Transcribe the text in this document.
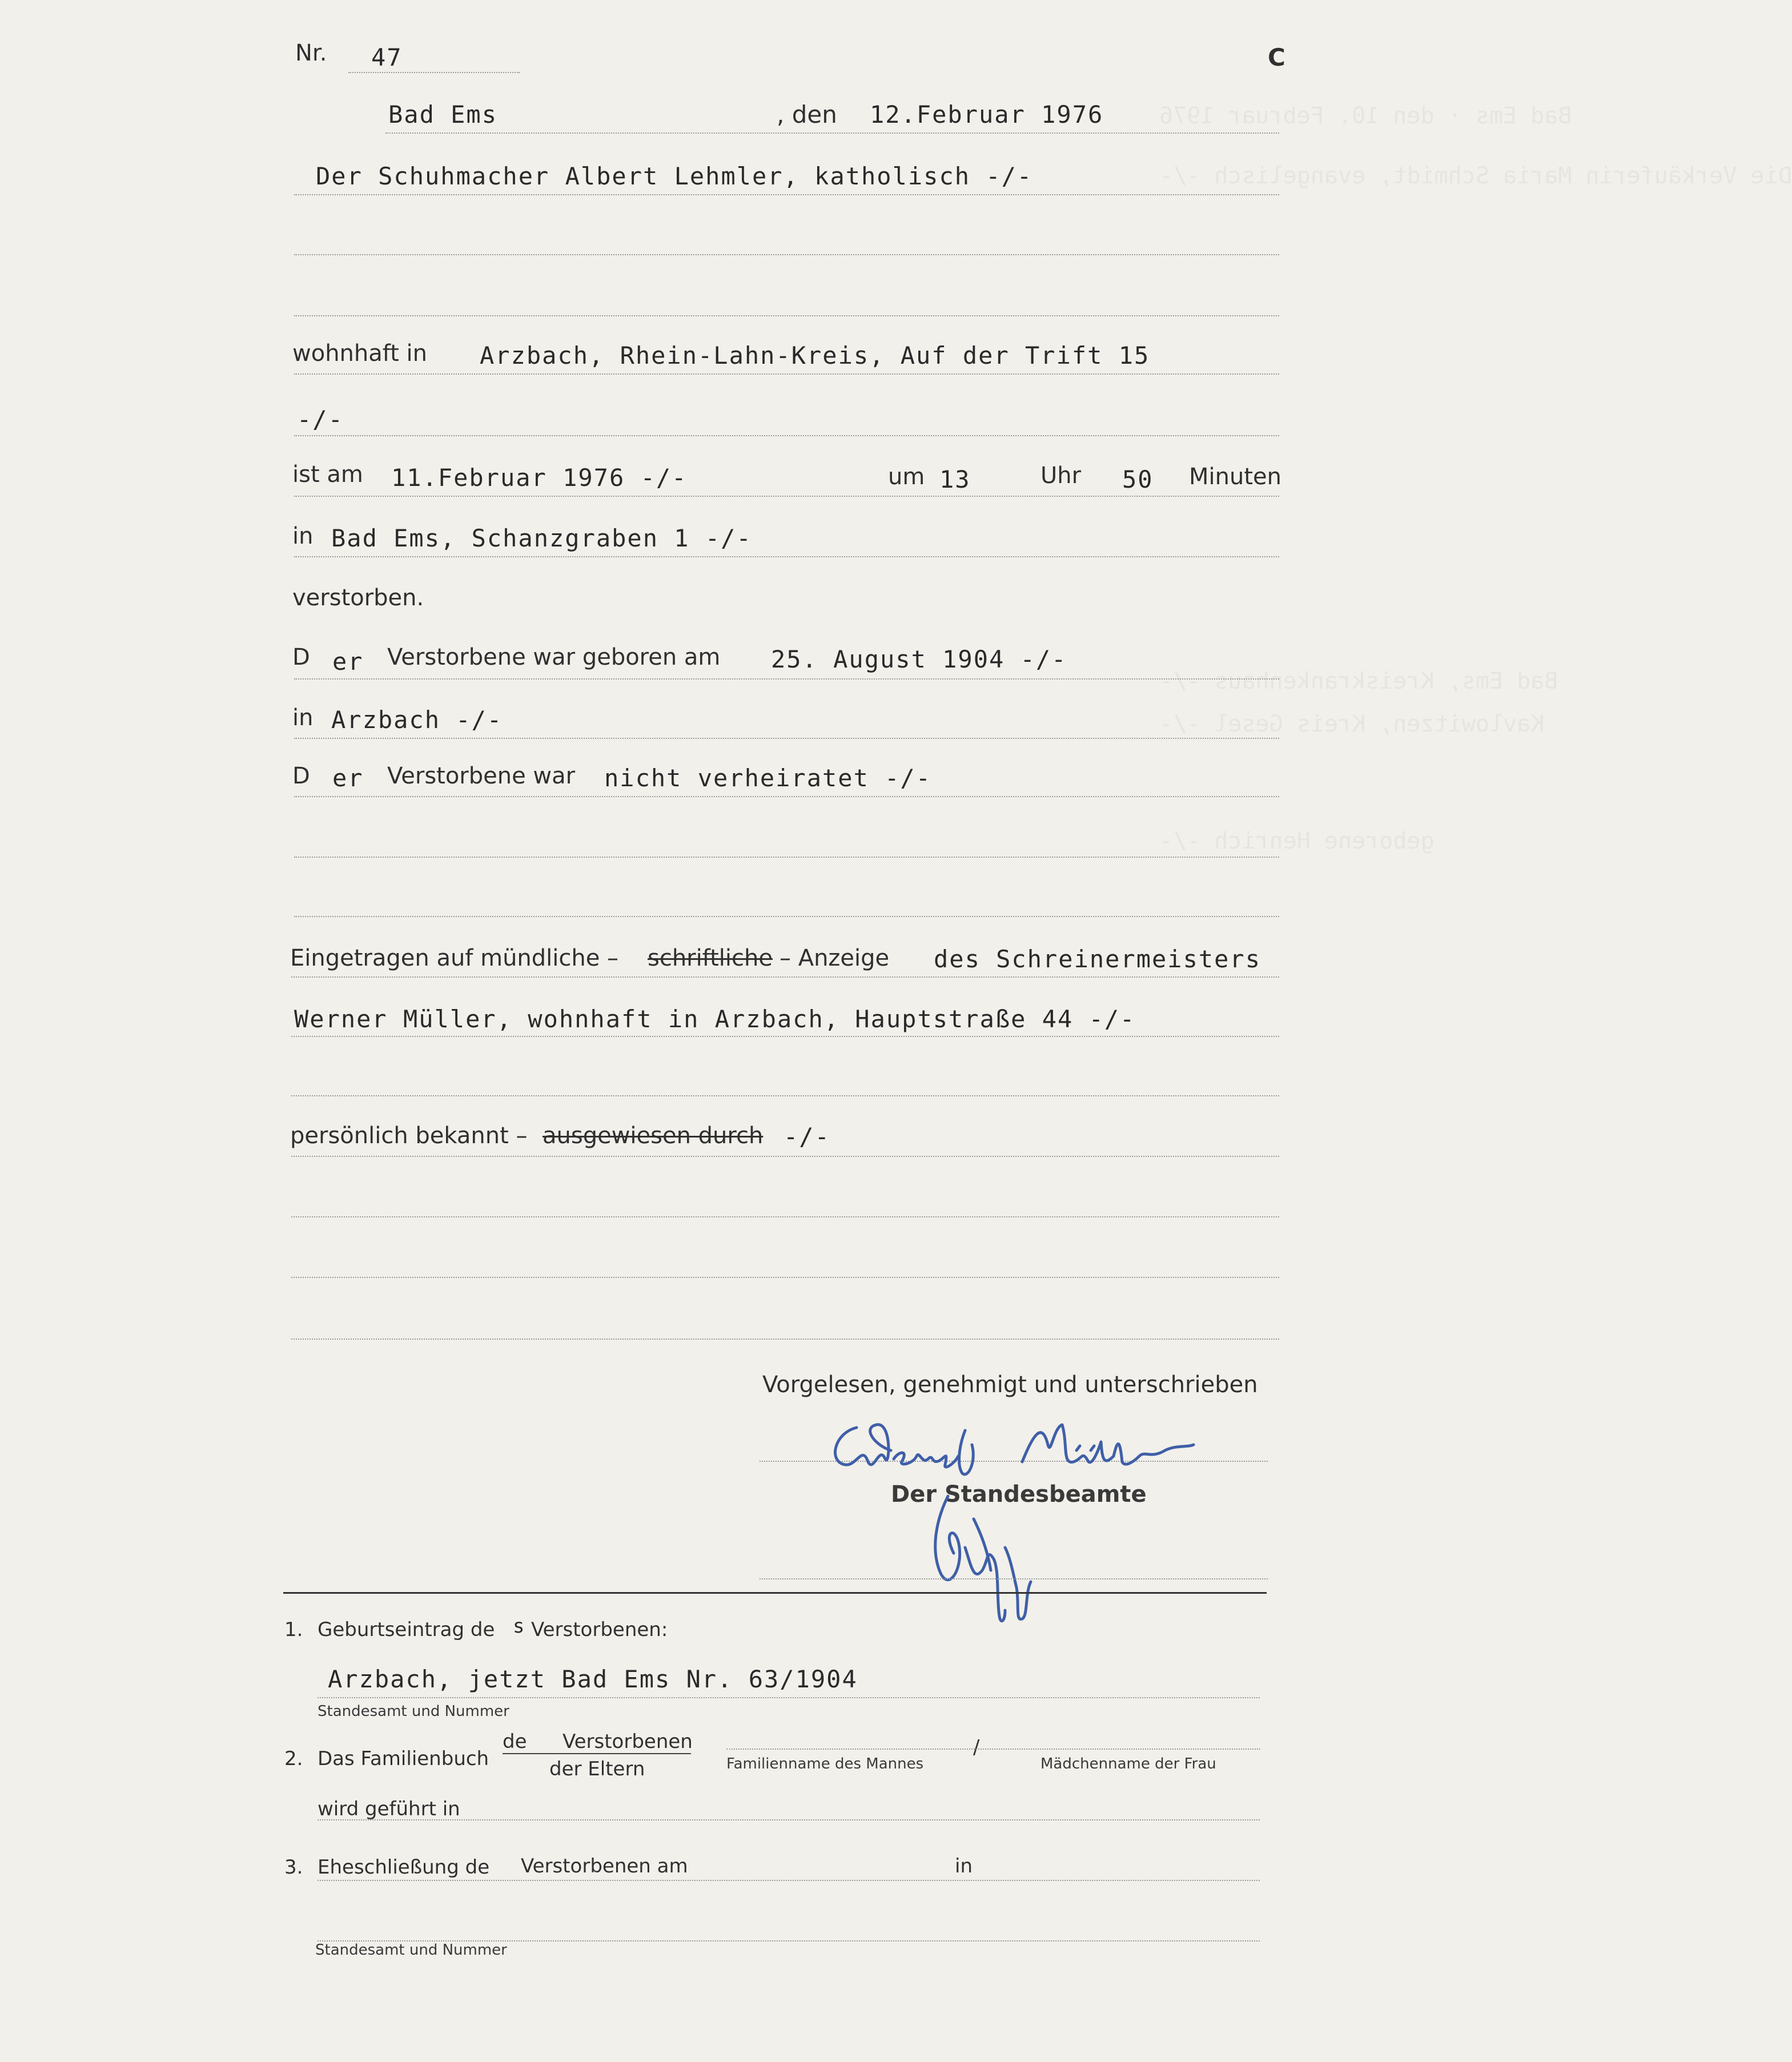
Bad Ems · den 10. Februar 1976
Die Verkäuferin Maria Schmidt, evangelisch -/-
Bad Ems, Kreiskrankenhaus -/-
Kavlowitzen, Kreis Gesel -/-
geborene Henrich -/-
Nr. 47	C
Bad Ems	, den 12.Februar 1976
Der Schuhmacher Albert Lehmler, katholisch -/-
wohnhaft in Arzbach, Rhein-Lahn-Kreis, Auf der Trift 15
-/-
ist am 11.Februar 1976 -/-	um 13	Uhr 50 Minuten
in Bad Ems, Schanzgraben 1 -/-
verstorben.
D er Verstorbene war geboren am 25. August 1904 -/-
in Arzbach -/-
D er Verstorbene war nicht verheiratet -/-
Eingetragen auf mündliche – schriftliche – Anzeige des Schreinermeisters
Werner Müller, wohnhaft in Arzbach, Hauptstraße 44 -/-
persönlich bekannt – ausgewiesen durch -/-
Vorgelesen, genehmigt und unterschrieben
Der Standesbeamte
1. Geburtseintrag de s Verstorbenen:
Arzbach, jetzt Bad Ems Nr. 63/1904
Standesamt und Nummer
2. Das Familienbuch
de Verstorbenen
der Eltern	Familienname des Mannes
/
Mädchenname der Frau
wird geführt in
3. Eheschließung de Verstorbenen am	in
Standesamt und Nummer
